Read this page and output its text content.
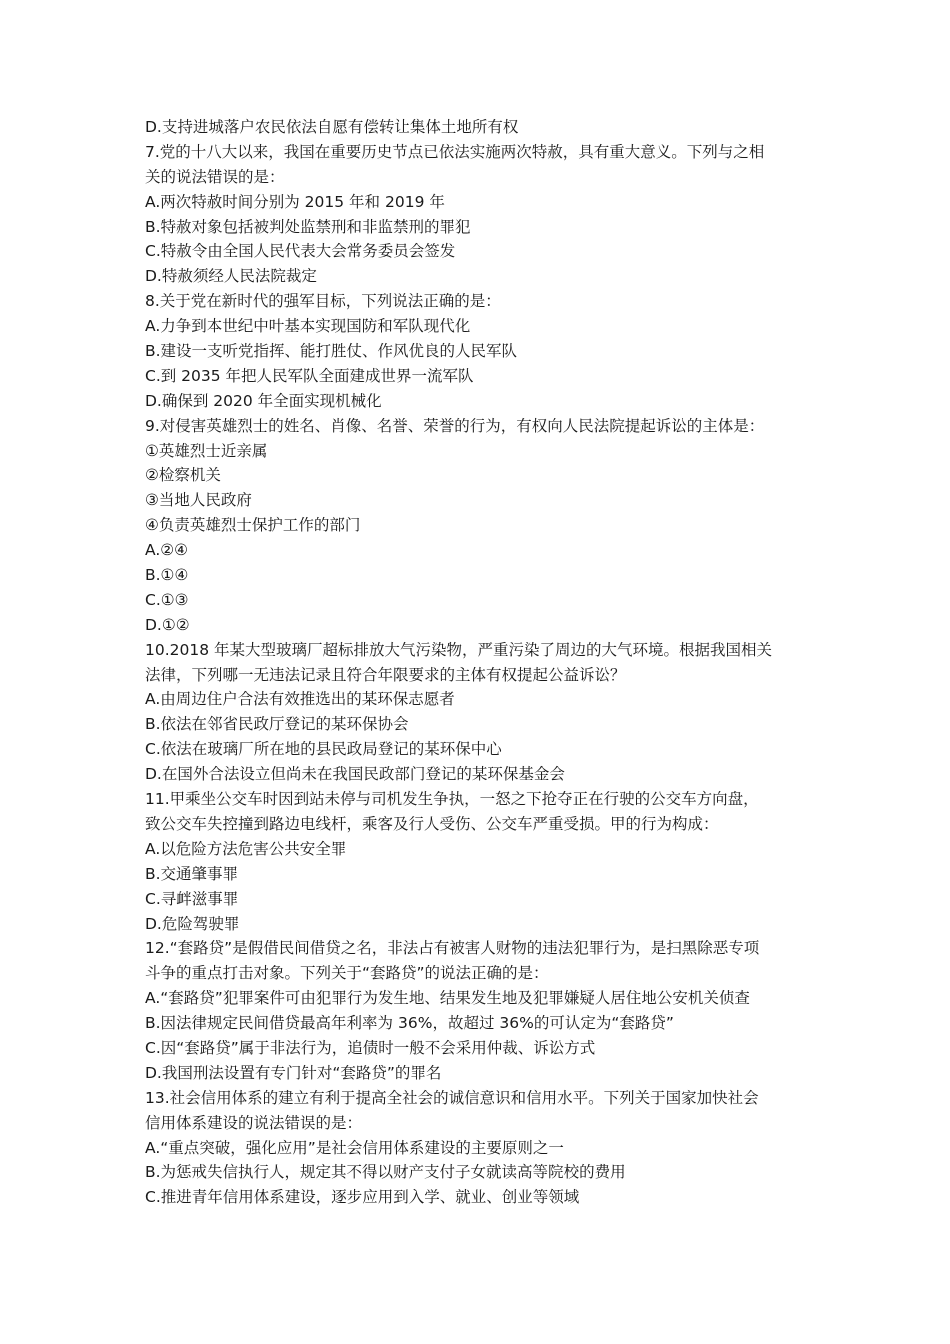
D.支持进城落户农民依法自愿有偿转让集体土地所有权
7.党的十八大以来，我国在重要历史节点已依法实施两次特赦，具有重大意义。下列与之相
关的说法错误的是：
A.两次特赦时间分别为 2015 年和 2019 年
B.特赦对象包括被判处监禁刑和非监禁刑的罪犯
C.特赦令由全国人民代表大会常务委员会签发
D.特赦须经人民法院裁定
8.关于党在新时代的强军目标，下列说法正确的是：
A.力争到本世纪中叶基本实现国防和军队现代化
B.建设一支听党指挥、能打胜仗、作风优良的人民军队
C.到 2035 年把人民军队全面建成世界一流军队
D.确保到 2020 年全面实现机械化
9.对侵害英雄烈士的姓名、肖像、名誉、荣誉的行为，有权向人民法院提起诉讼的主体是：
①英雄烈士近亲属
②检察机关
③当地人民政府
④负责英雄烈士保护工作的部门
A.②④
B.①④
C.①③
D.①②
10.2018 年某大型玻璃厂超标排放大气污染物，严重污染了周边的大气环境。根据我国相关
法律，下列哪一无违法记录且符合年限要求的主体有权提起公益诉讼？
A.由周边住户合法有效推选出的某环保志愿者
B.依法在邻省民政厅登记的某环保协会
C.依法在玻璃厂所在地的县民政局登记的某环保中心
D.在国外合法设立但尚未在我国民政部门登记的某环保基金会
11.甲乘坐公交车时因到站未停与司机发生争执，一怒之下抢夺正在行驶的公交车方向盘，
致公交车失控撞到路边电线杆，乘客及行人受伤、公交车严重受损。甲的行为构成：
A.以危险方法危害公共安全罪
B.交通肇事罪
C.寻衅滋事罪
D.危险驾驶罪
12.“套路贷”是假借民间借贷之名，非法占有被害人财物的违法犯罪行为，是扫黑除恶专项
斗争的重点打击对象。下列关于“套路贷”的说法正确的是：
A.“套路贷”犯罪案件可由犯罪行为发生地、结果发生地及犯罪嫌疑人居住地公安机关侦查
B.因法律规定民间借贷最高年利率为 36%，故超过 36%的可认定为“套路贷”
C.因“套路贷”属于非法行为，追债时一般不会采用仲裁、诉讼方式
D.我国刑法设置有专门针对“套路贷”的罪名
13.社会信用体系的建立有利于提高全社会的诚信意识和信用水平。下列关于国家加快社会
信用体系建设的说法错误的是：
A.“重点突破，强化应用”是社会信用体系建设的主要原则之一
B.为惩戒失信执行人，规定其不得以财产支付子女就读高等院校的费用
C.推进青年信用体系建设，逐步应用到入学、就业、创业等领域
